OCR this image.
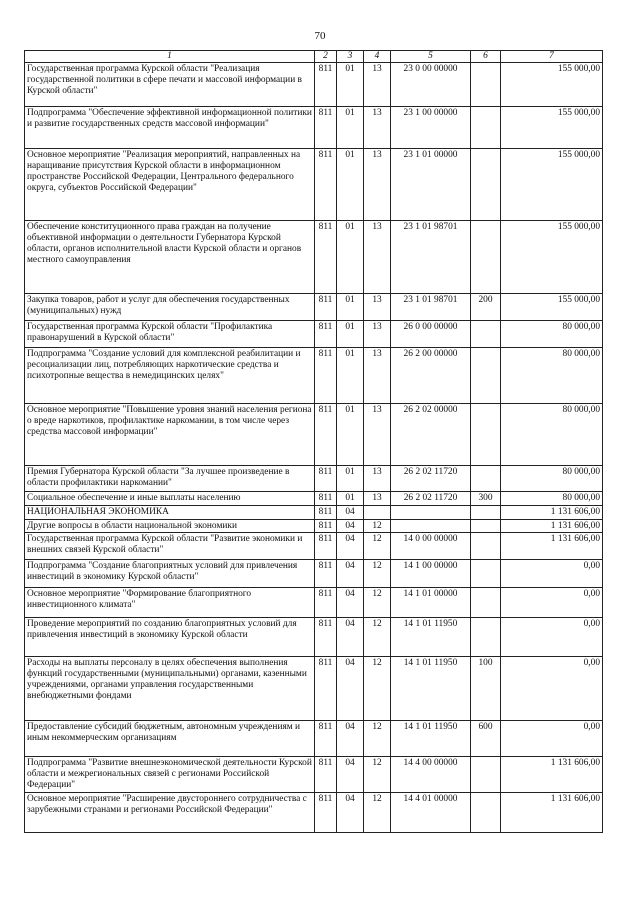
70
1	2	3	4	5	6	7
Государственная программа Курской области "Реализация государственной политики в сфере печати и массовой информации в Курской области"	811	01	13	23 0 00 00000		155 000,00
Подпрограмма "Обеспечение эффективной информационной политики и развитие государственных средств массовой информации"	811	01	13	23 1 00 00000		155 000,00
Основное мероприятие "Реализация мероприятий, направленных на наращивание присутствия Курской области в информационном пространстве Российской Федерации, Центрального федерального округа, субъектов Российской Федерации"	811	01	13	23 1 01 00000		155 000,00
Обеспечение конституционного права граждан на получение объективной информации о деятельности Губернатора Курской области, органов исполнительной власти Курской области и органов местного самоуправления	811	01	13	23 1 01 98701		155 000,00
Закупка товаров, работ и услуг для обеспечения государственных (муниципальных) нужд	811	01	13	23 1 01 98701	200	155 000,00
Государственная программа Курской области "Профилактика правонарушений в Курской области"	811	01	13	26 0 00 00000		80 000,00
Подпрограмма "Создание условий для комплексной реабилитации и ресоциализации лиц, потребляющих наркотические средства и психотропные вещества в немедицинских целях"	811	01	13	26 2 00 00000		80 000,00
Основное мероприятие "Повышение уровня знаний населения региона о вреде наркотиков, профилактике наркомании, в том числе через средства массовой информации"	811	01	13	26 2 02 00000		80 000,00
Премия Губернатора Курской области "За лучшее произведение в области профилактики наркомании"	811	01	13	26 2 02 11720		80 000,00
Социальное обеспечение и иные выплаты населению	811	01	13	26 2 02 11720	300	80 000,00
НАЦИОНАЛЬНАЯ ЭКОНОМИКА	811	04				1 131 606,00
Другие вопросы в области национальной экономики	811	04	12			1 131 606,00
Государственная программа Курской области "Развитие экономики и внешних связей Курской области"	811	04	12	14 0 00 00000		1 131 606,00
Подпрограмма "Создание благоприятных условий для привлечения инвестиций в экономику Курской области"	811	04	12	14 1 00 00000		0,00
Основное мероприятие "Формирование благоприятного инвестиционного климата"	811	04	12	14 1 01 00000		0,00
Проведение мероприятий по созданию благоприятных условий для привлечения инвестиций в экономику Курской области	811	04	12	14 1 01 11950		0,00
Расходы на выплаты персоналу в целях обеспечения выполнения функций государственными (муниципальными) органами, казенными учреждениями, органами управления государственными внебюджетными фондами	811	04	12	14 1 01 11950	100	0,00
Предоставление субсидий бюджетным, автономным учреждениям и иным некоммерческим организациям	811	04	12	14 1 01 11950	600	0,00
Подпрограмма "Развитие внешнеэкономической деятельности Курской области и межрегиональных связей с регионами Российской Федерации"	811	04	12	14 4 00 00000		1 131 606,00
Основное мероприятие "Расширение двустороннего сотрудничества с зарубежными странами и регионами Российской Федерации"	811	04	12	14 4 01 00000		1 131 606,00
